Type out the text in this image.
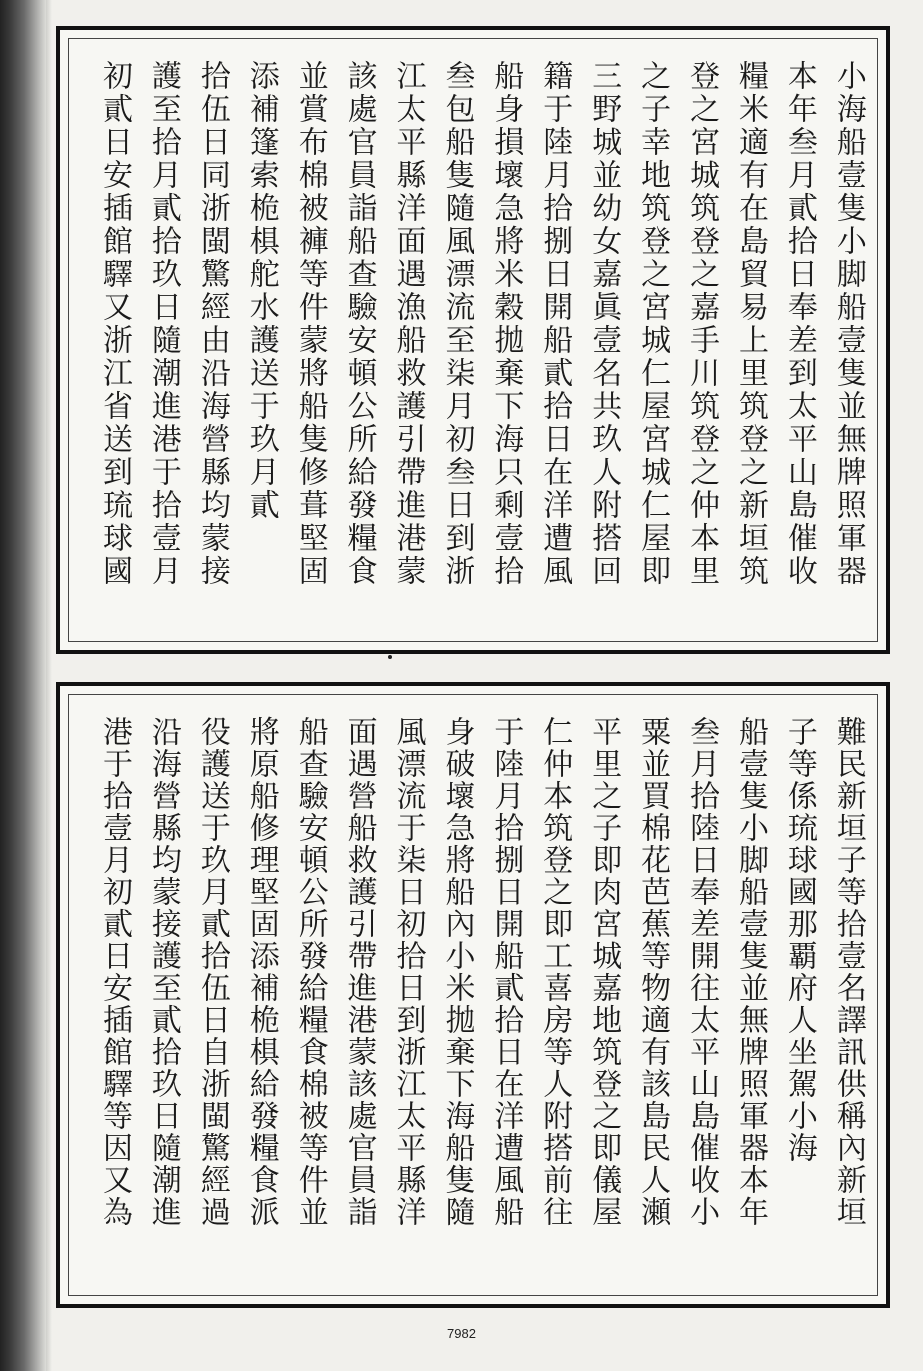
小海船壹隻小脚船壹隻並無牌照軍器
本年叁月貳拾日奉差到太平山島催收
糧米適有在島貿易上里筑登之新垣筑
登之宮城筑登之嘉手川筑登之仲本里
之子幸地筑登之宮城仁屋宮城仁屋即
三野城並幼女嘉眞壹名共玖人附搭回
籍于陸月拾捌日開船貳拾日在洋遭風
船身損壞急將米穀拋棄下海只剩壹拾
叁包船隻隨風漂流至柒月初叁日到浙
江太平縣洋面遇漁船救護引帶進港蒙
該處官員詣船查驗安頓公所給發糧食
並賞布棉被褲等件蒙將船隻修葺堅固
添補篷索桅椇舵水護送于玖月貳
拾伍日同浙閩驚經由沿海營縣均蒙接
護至拾月貳拾玖日隨潮進港于拾壹月
初貳日安插館驛又浙江省送到琉球國
難民新垣子等拾壹名譯訊供稱內新垣
子等係琉球國那覇府人坐駕小海
船壹隻小脚船壹隻並無牌照軍器本年
叁月拾陸日奉差開往太平山島催收小
粟並買棉花芭蕉等物適有該島民人瀬
平里之子即肉宮城嘉地筑登之即儀屋
仁仲本筑登之即工喜房等人附搭前往
于陸月拾捌日開船貳拾日在洋遭風船
身破壞急將船內小米拋棄下海船隻隨
風漂流于柒日初拾日到浙江太平縣洋
面遇營船救護引帶進港蒙該處官員詣
船查驗安頓公所發給糧食棉被等件並
將原船修理堅固添補桅椇給發糧食派
役護送于玖月貳拾伍日自浙閩驚經過
沿海營縣均蒙接護至貳拾玖日隨潮進
港于拾壹月初貳日安插館驛等因又為
7982
